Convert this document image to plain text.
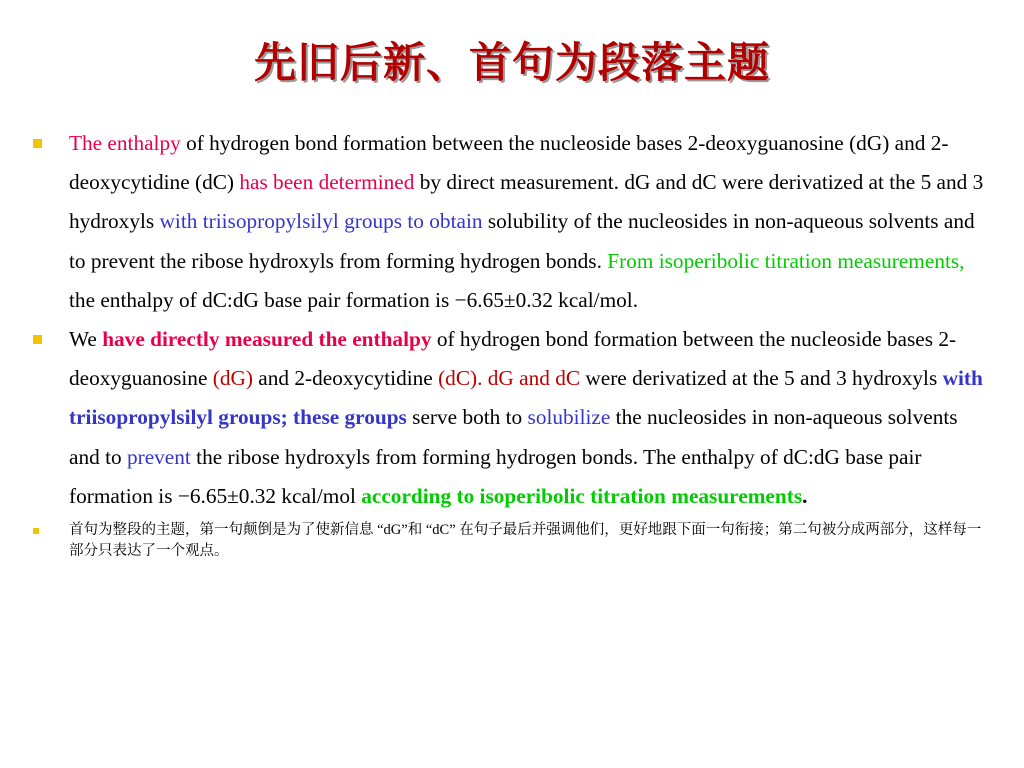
先旧后新、首句为段落主题
The enthalpy of hydrogen bond formation between the nucleoside bases 2-deoxyguanosine (dG) and 2-deoxycytidine (dC) has been determined by direct measurement. dG and dC were derivatized at the 5 and 3 hydroxyls with triisopropylsilyl groups to obtain solubility of the nucleosides in non-aqueous solvents and to prevent the ribose hydroxyls from forming hydrogen bonds. From isoperibolic titration measurements, the enthalpy of dC:dG base pair formation is −6.65±0.32 kcal/mol.
We have directly measured the enthalpy of hydrogen bond formation between the nucleoside bases 2-deoxyguanosine (dG) and 2-deoxycytidine (dC). dG and dC were derivatized at the 5 and 3 hydroxyls with triisopropylsilyl groups; these groups serve both to solubilize the nucleosides in non-aqueous solvents and to prevent the ribose hydroxyls from forming hydrogen bonds. The enthalpy of dC:dG base pair formation is −6.65±0.32 kcal/mol according to isoperibolic titration measurements.
首句为整段的主题，第一句颠倒是为了使新信息 “dG”和 “dC” 在句子最后并强调他们，更好地跟下面一句衔接；第二句被分成两部分，这样每一部分只表达了一个观点。
